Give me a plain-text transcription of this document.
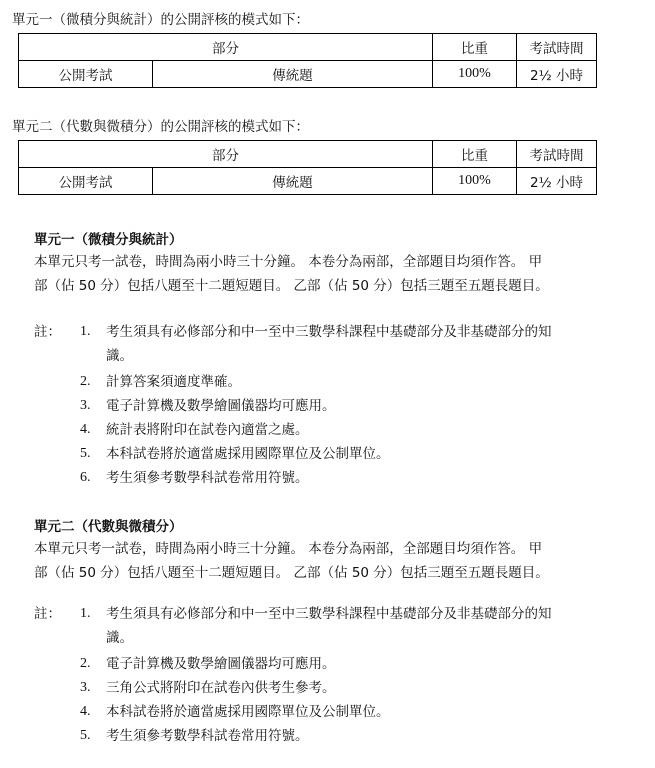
單元一（微積分與統計）的公開評核的模式如下：
部分		比重	考試時間
公開考試	傳統題	100%	2½ 小時
單元二（代數與微積分）的公開評核的模式如下：
部分		比重	考試時間
公開考試	傳統題	100%	2½ 小時
單元一（微積分與統計）
本單元只考一試卷，時間為兩小時三十分鐘。 本卷分為兩部，全部題目均須作答。 甲
部（佔 50 分）包括八題至十二題短題目。 乙部（佔 50 分）包括三題至五題長題目。
註： 1. 考生須具有必修部分和中一至中三數學科課程中基礎部分及非基礎部分的知
識。
2. 計算答案須適度準確。
3. 電子計算機及數學繪圖儀器均可應用。
4. 統計表將附印在試卷內適當之處。
5. 本科試卷將於適當處採用國際單位及公制單位。
6. 考生須參考數學科試卷常用符號。
單元二（代數與微積分）
本單元只考一試卷，時間為兩小時三十分鐘。 本卷分為兩部，全部題目均須作答。 甲
部（佔 50 分）包括八題至十二題短題目。 乙部（佔 50 分）包括三題至五題長題目。
註： 1. 考生須具有必修部分和中一至中三數學科課程中基礎部分及非基礎部分的知
識。
2. 電子計算機及數學繪圖儀器均可應用。
3. 三角公式將附印在試卷內供考生參考。
4. 本科試卷將於適當處採用國際單位及公制單位。
5. 考生須參考數學科試卷常用符號。
